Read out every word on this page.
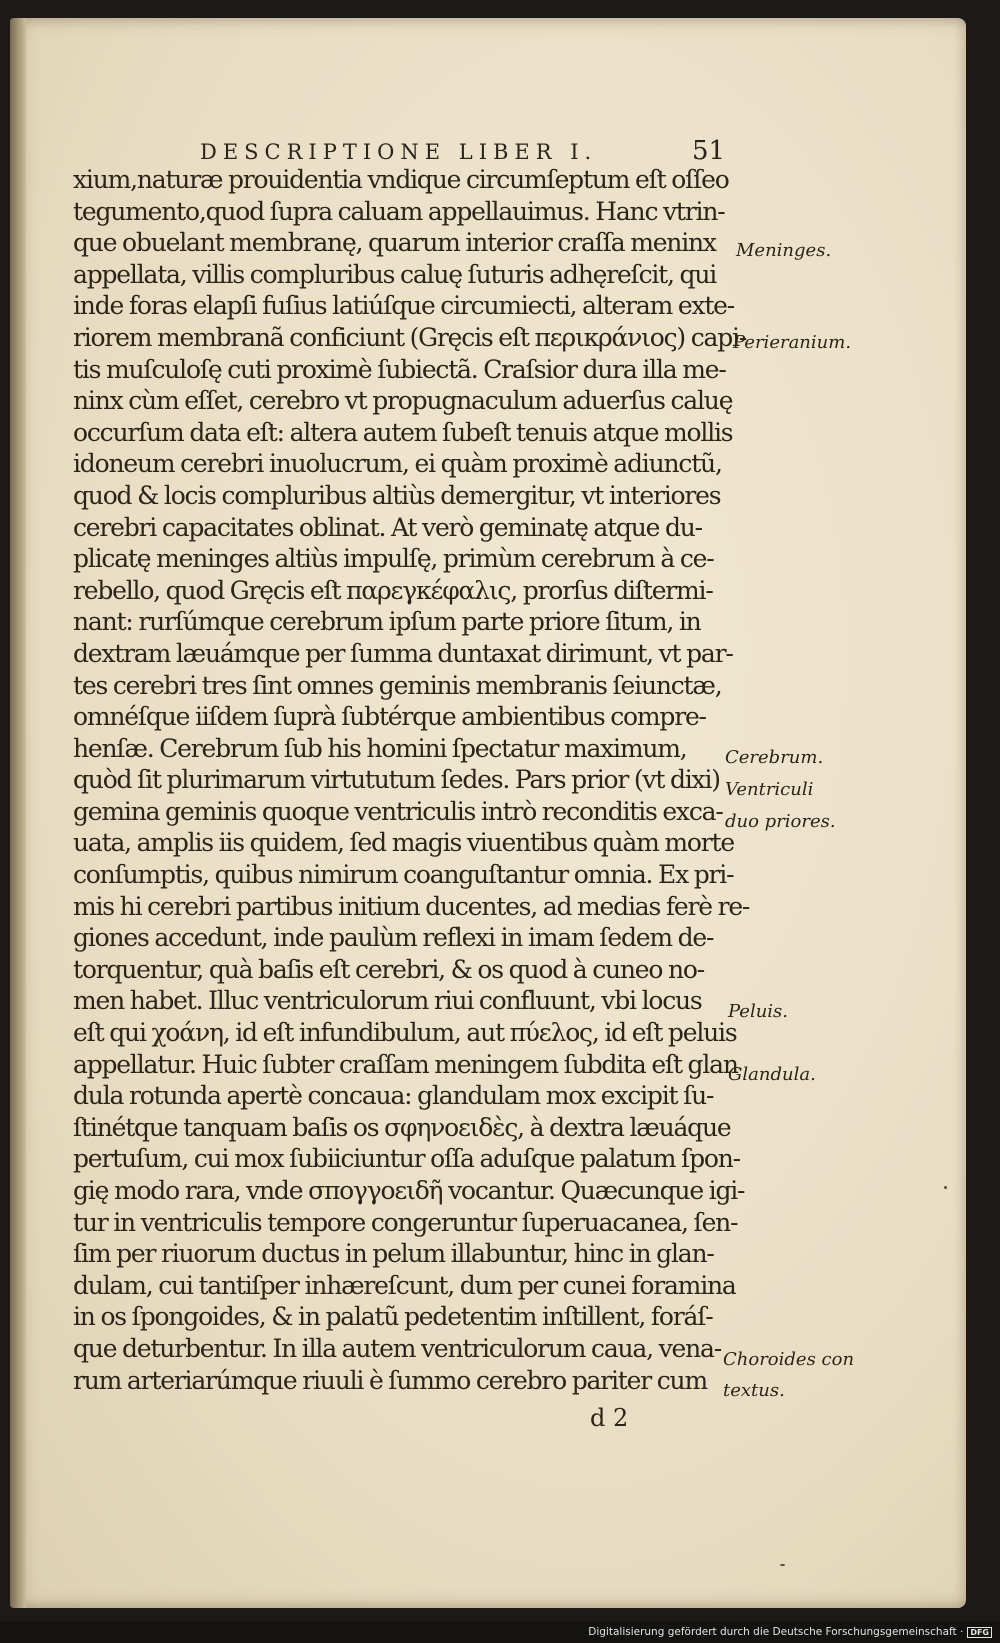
DESCRIPTIONE LIBER I.	51
xium,naturæ prouidentia vndique circumſeptum eſt oſſeo
tegumento,quod ſupra caluam appellauimus. Hanc vtrin-
que obuelant membranę, quarum interior craſſa meninx
appellata, villis compluribus caluę ſuturis adhęreſcit, qui
inde foras elapſi fuſius latiúſque circumiecti, alteram exte-
riorem membranã conficiunt (Gręcis eſt περικράνιος) capi-
tis muſculoſę cuti proximè ſubiectã. Craſsior dura illa me-
ninx cùm eſſet, cerebro vt propugnaculum aduerſus caluę
occurſum data eſt: altera autem ſubeſt tenuis atque mollis
idoneum cerebri inuolucrum, ei quàm proximè adiunctũ,
quod & locis compluribus altiùs demergitur, vt interiores
cerebri capacitates oblinat. At verò geminatę atque du-
plicatę meninges altiùs impulſę, primùm cerebrum à ce-
rebello, quod Gręcis eſt παρεγκέφαλις, prorſus diſtermi-
nant: rurſúmque cerebrum ipſum parte priore ſitum, in
dextram læuámque per ſumma duntaxat dirimunt, vt par-
tes cerebri tres ſint omnes geminis membranis ſeiunctæ,
omnéſque iiſdem ſuprà ſubtérque ambientibus compre-
henſæ. Cerebrum ſub his homini ſpectatur maximum,
quòd ſit plurimarum virtututum ſedes. Pars prior (vt dixi)
gemina geminis quoque ventriculis intrò reconditis exca-
uata, amplis iis quidem, ſed magis viuentibus quàm morte
conſumptis, quibus nimirum coanguſtantur omnia. Ex pri-
mis hi cerebri partibus initium ducentes, ad medias ferè re-
giones accedunt, inde paulùm reflexi in imam ſedem de-
torquentur, quà baſis eſt cerebri, & os quod à cuneo no-
men habet. Illuc ventriculorum riui confluunt, vbi locus
eſt qui χοάνη, id eſt infundibulum, aut πύελος, id eſt peluis
appellatur. Huic ſubter craſſam meningem ſubdita eſt glan
dula rotunda apertè concaua: glandulam mox excipit ſu-
ſtinétque tanquam baſis os σφηνοειδὲς, à dextra læuáque
pertuſum, cui mox ſubiiciuntur oſſa aduſque palatum ſpon-
gię modo rara, vnde σπογγοειδῆ vocantur. Quæcunque igi-
tur in ventriculis tempore congeruntur ſuperuacanea, ſen-
ſim per riuorum ductus in pelum illabuntur, hinc in glan-
dulam, cui tantiſper inhæreſcunt, dum per cunei foramina
in os ſpongoides, & in palatũ pedetentim inſtillent, foráſ-
que deturbentur. In illa autem ventriculorum caua, vena-
rum arteriarúmque riuuli è ſummo cerebro pariter cum
Meninges.
Perieranium.
Cerebrum.
Ventriculi
duo priores.
Peluis.
Glandula.
Choroides con
textus.
d 2
Digitalisierung gefördert durch die Deutsche Forschungsgemeinschaft · DFG
